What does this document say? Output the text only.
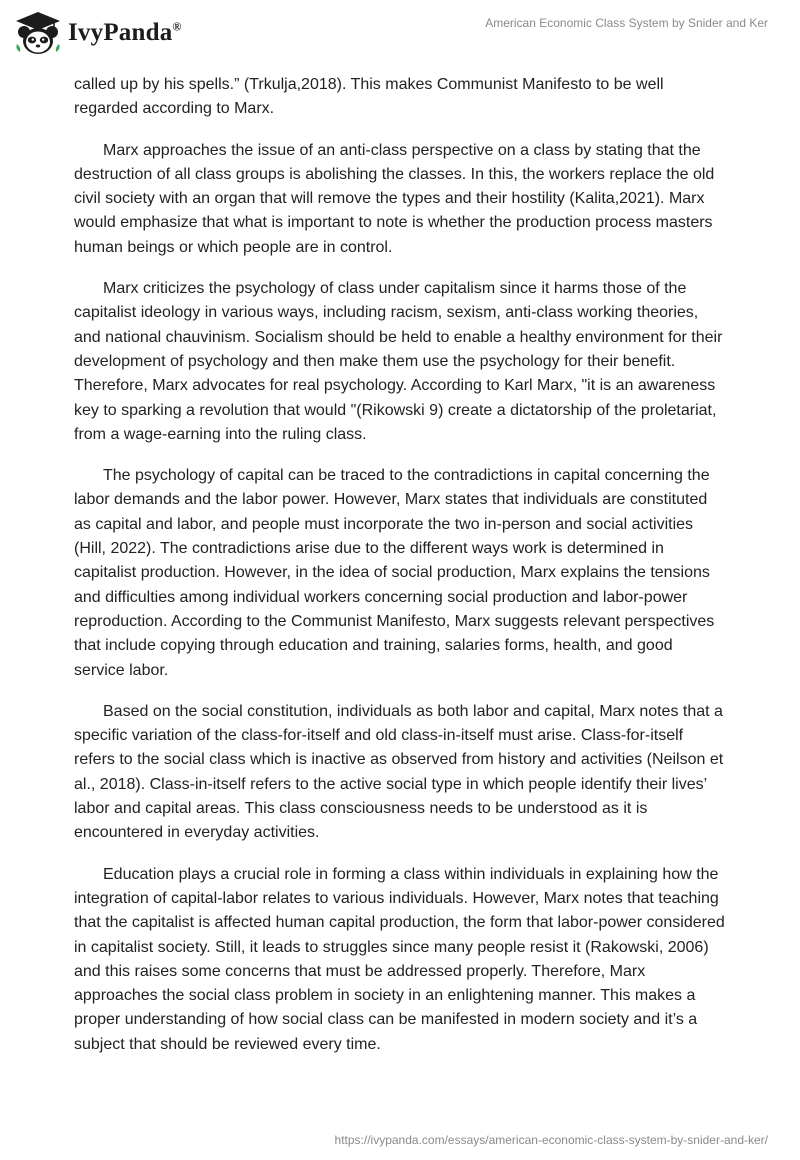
IvyPanda®	American Economic Class System by Snider and Ker

called up by his spells.” (Trkulja,2018). This makes Communist Manifesto to be well regarded according to Marx.

Marx approaches the issue of an anti-class perspective on a class by stating that the destruction of all class groups is abolishing the classes. In this, the workers replace the old civil society with an organ that will remove the types and their hostility (Kalita,2021). Marx would emphasize that what is important to note is whether the production process masters human beings or which people are in control.

Marx criticizes the psychology of class under capitalism since it harms those of the capitalist ideology in various ways, including racism, sexism, anti-class working theories, and national chauvinism. Socialism should be held to enable a healthy environment for their development of psychology and then make them use the psychology for their benefit. Therefore, Marx advocates for real psychology. According to Karl Marx, "it is an awareness key to sparking a revolution that would "(Rikowski 9) create a dictatorship of the proletariat, from a wage-earning into the ruling class.

The psychology of capital can be traced to the contradictions in capital concerning the labor demands and the labor power. However, Marx states that individuals are constituted as capital and labor, and people must incorporate the two in-person and social activities (Hill, 2022). The contradictions arise due to the different ways work is determined in capitalist production. However, in the idea of social production, Marx explains the tensions and difficulties among individual workers concerning social production and labor-power reproduction. According to the Communist Manifesto, Marx suggests relevant perspectives that include copying through education and training, salaries forms, health, and good service labor.

Based on the social constitution, individuals as both labor and capital, Marx notes that a specific variation of the class-for-itself and old class-in-itself must arise. Class-for-itself refers to the social class which is inactive as observed from history and activities (Neilson et al., 2018). Class-in-itself refers to the active social type in which people identify their lives’ labor and capital areas. This class consciousness needs to be understood as it is encountered in everyday activities.

Education plays a crucial role in forming a class within individuals in explaining how the integration of capital-labor relates to various individuals. However, Marx notes that teaching that the capitalist is affected human capital production, the form that labor-power considered in capitalist society. Still, it leads to struggles since many people resist it (Rakowski, 2006) and this raises some concerns that must be addressed properly. Therefore, Marx approaches the social class problem in society in an enlightening manner. This makes a proper understanding of how social class can be manifested in modern society and it’s a subject that should be reviewed every time.

https://ivypanda.com/essays/american-economic-class-system-by-snider-and-ker/
